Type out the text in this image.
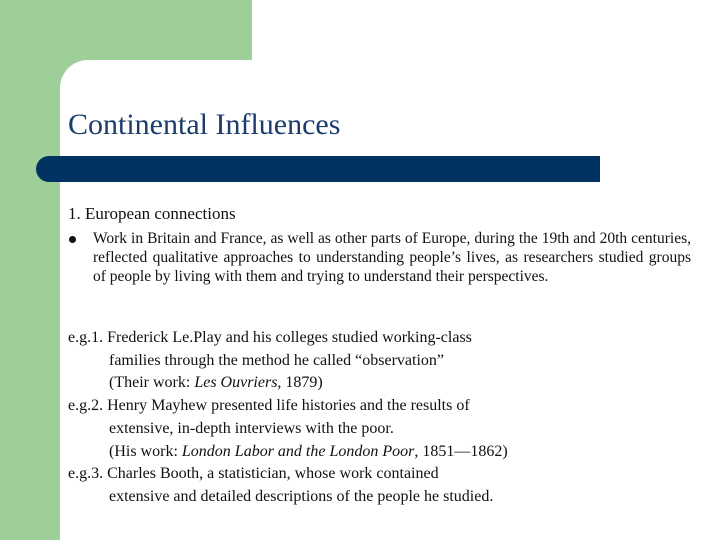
Continental Influences
1. European connections
Work in Britain and France, as well as other parts of Europe, during the 19th and 20th centuries, reflected qualitative approaches to understanding people’s lives, as researchers studied groups of people by living with them and trying to understand their perspectives.
e.g.1. Frederick Le.Play and his colleges studied working-class
families through the method he called “observation”
(Their work: Les Ouvriers, 1879)
e.g.2. Henry Mayhew presented life histories and the results of
extensive, in-depth interviews with the poor.
(His work: London Labor and the London Poor, 1851—1862)
e.g.3. Charles Booth, a statistician, whose work contained
extensive and detailed descriptions of the people he studied.
